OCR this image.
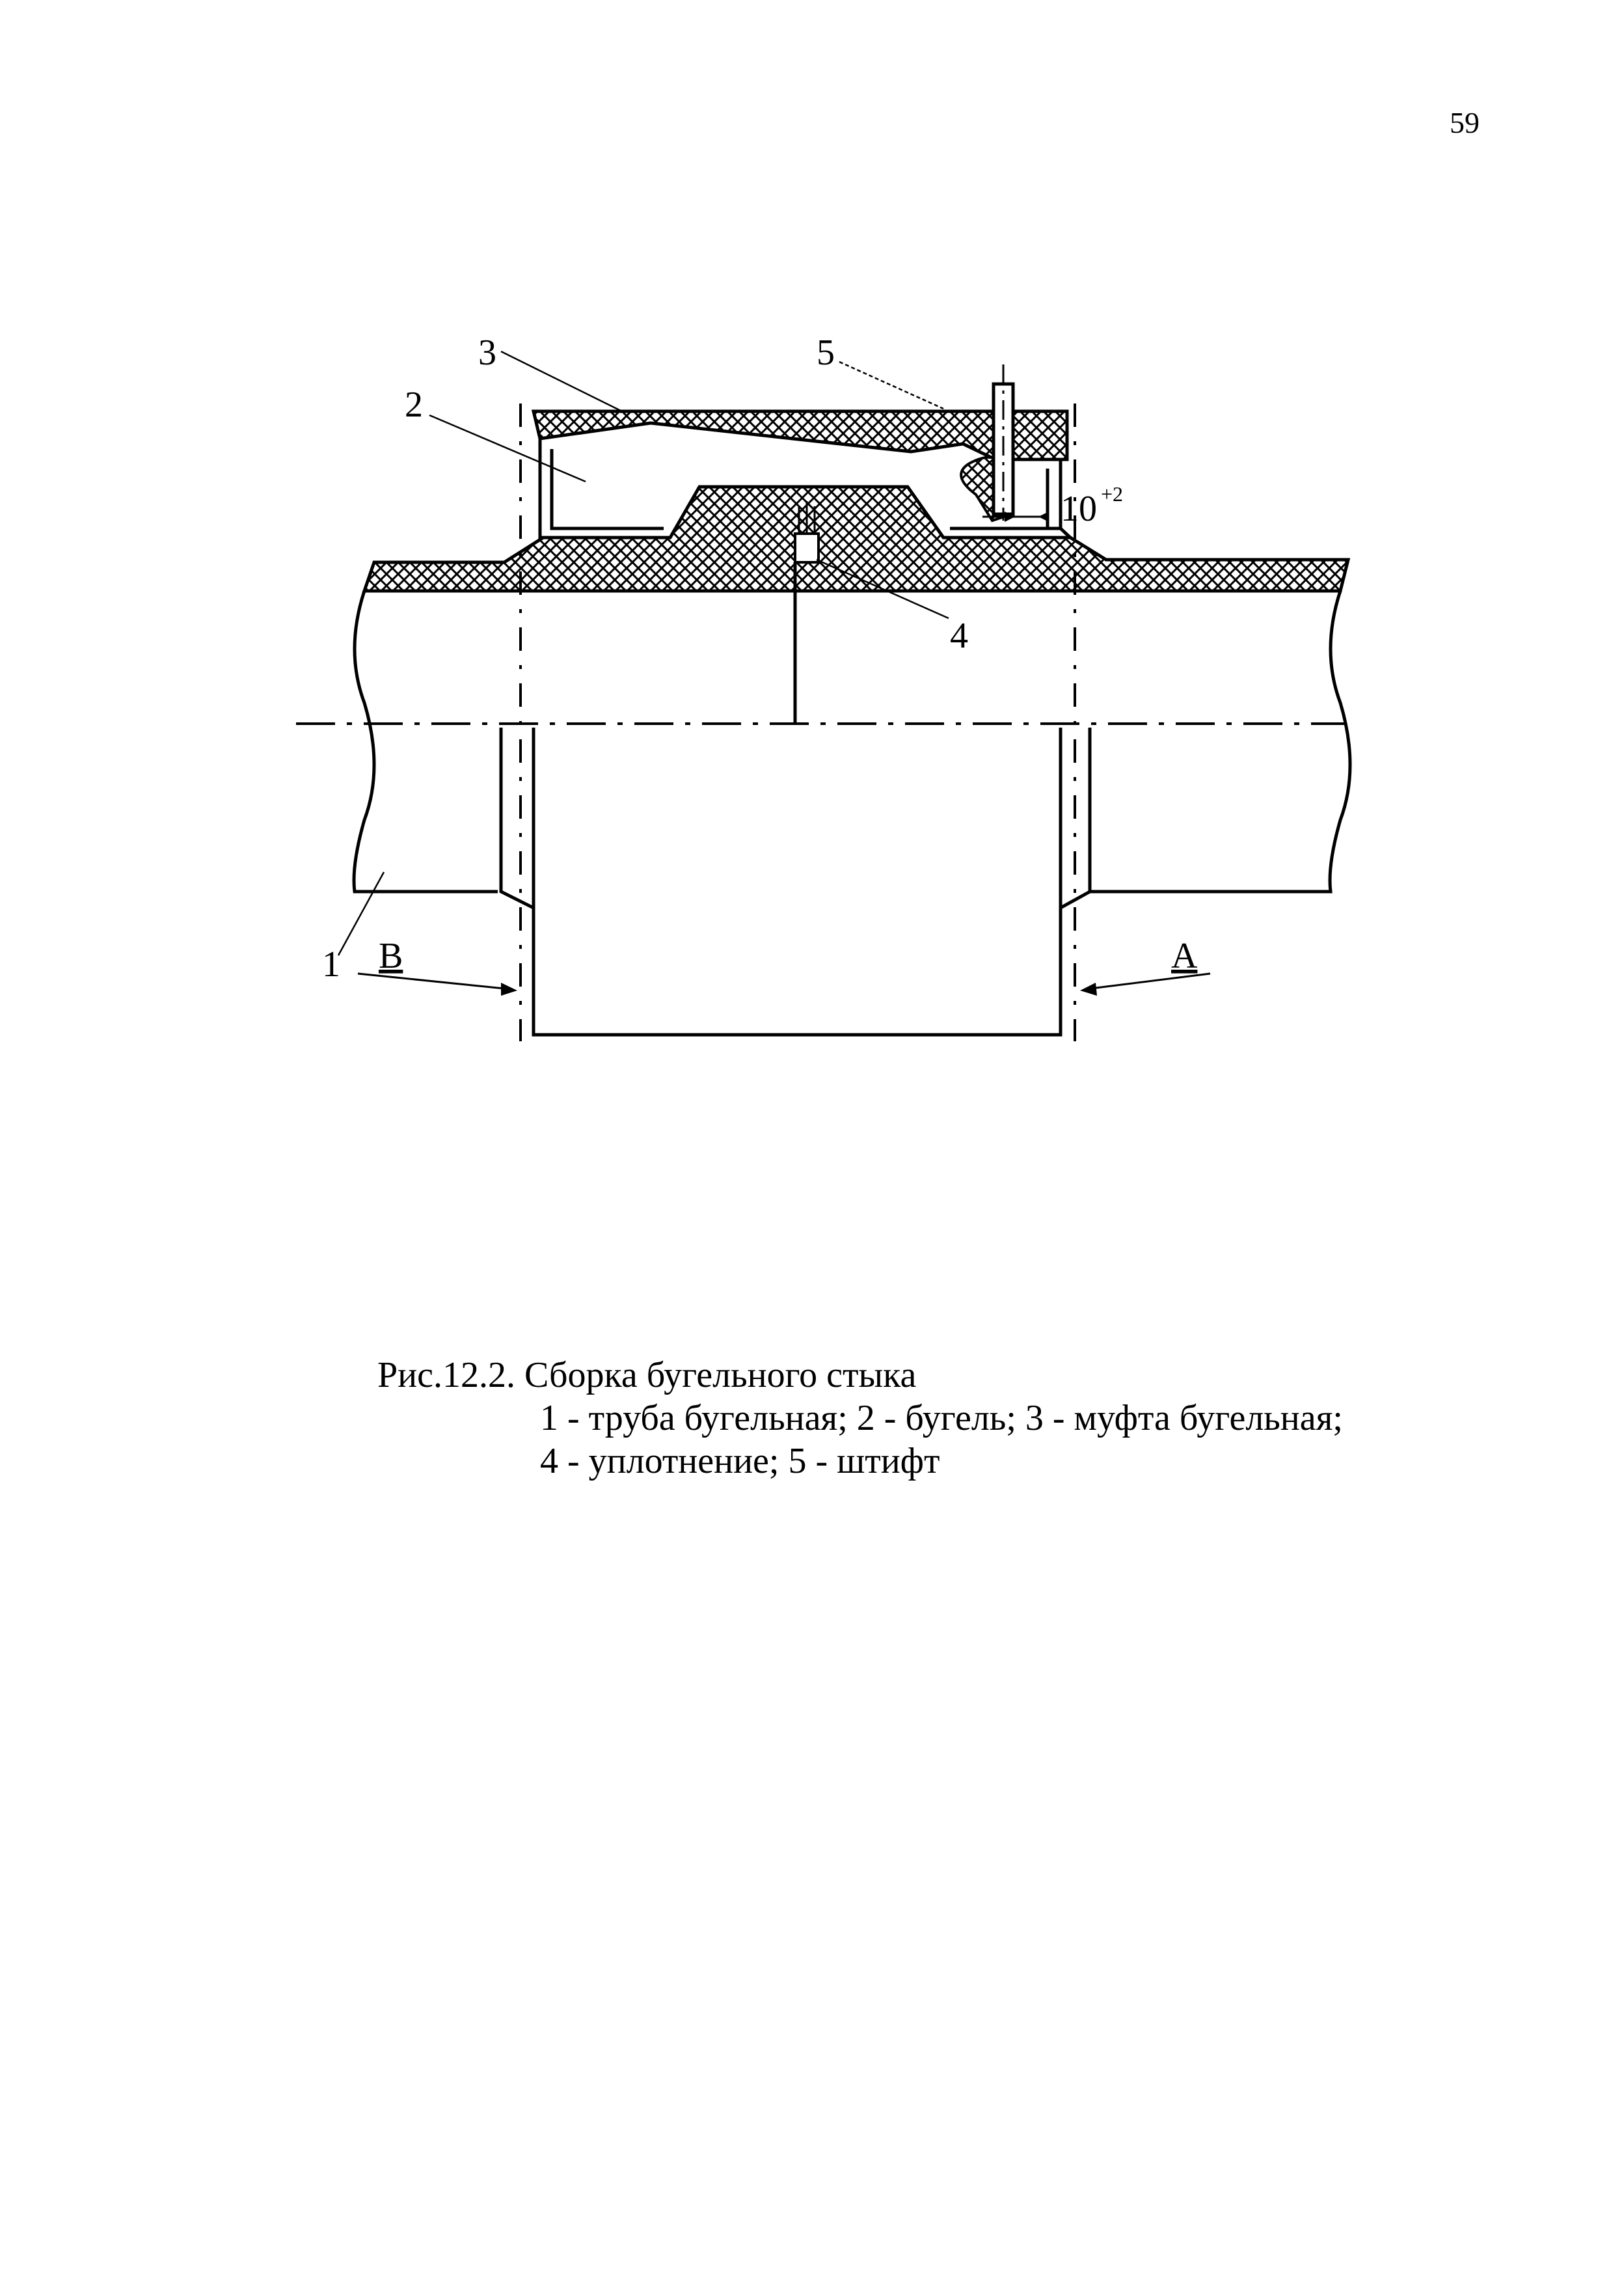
59
3
2
5
4
1 B	A
10 +2
Рис.12.2. Сборка бугельного стыка
1 - труба бугельная; 2 - бугель; 3 - муфта бугельная;
4 - уплотнение; 5 - штифт
